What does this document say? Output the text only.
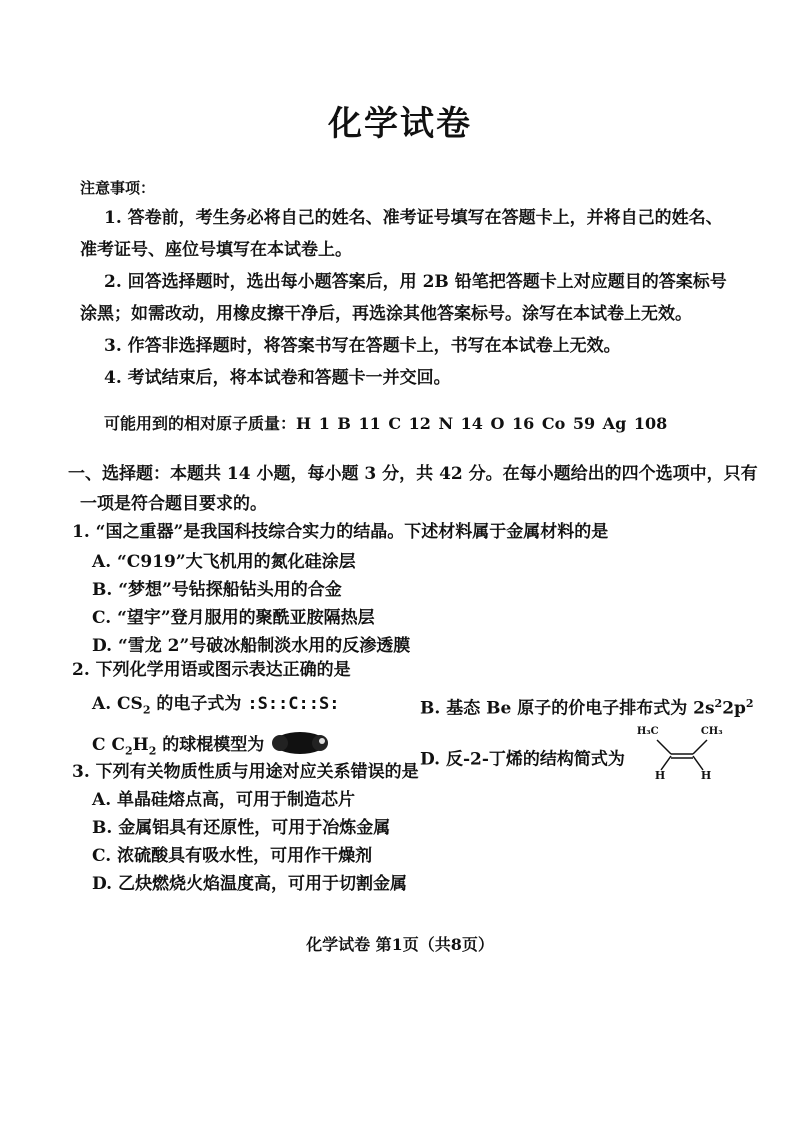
化学试卷
注意事项：
1. 答卷前，考生务必将自己的姓名、准考证号填写在答题卡上，并将自己的姓名、
准考证号、座位号填写在本试卷上。
2. 回答选择题时，选出每小题答案后，用 2B 铅笔把答题卡上对应题目的答案标号
涂黑；如需改动，用橡皮擦干净后，再选涂其他答案标号。涂写在本试卷上无效。
3. 作答非选择题时，将答案书写在答题卡上，书写在本试卷上无效。
4. 考试结束后，将本试卷和答题卡一并交回。
可能用到的相对原子质量：H 1 B 11 C 12 N 14 O 16 Co 59 Ag 108
一、选择题：本题共 14 小题，每小题 3 分，共 42 分。在每小题给出的四个选项中，只有
一项是符合题目要求的。
1. “国之重器”是我国科技综合实力的结晶。下述材料属于金属材料的是
A. “C919”大飞机用的氮化硅涂层
B. “梦想”号钻探船钻头用的合金
C. “望宇”登月服用的聚酰亚胺隔热层
D. “雪龙 2”号破冰船制淡水用的反渗透膜
2. 下列化学用语或图示表达正确的是
A. $CS_2$ 的电子式为 :S::C::S:	B. 基态 Be 原子的价电子排布式为 $2s^22p^2$
C $C_2H_2$ 的球棍模型为
D. 反-2-丁烯的结构简式为
H₃C	CH₃
H	H
3. 下列有关物质性质与用途对应关系错误的是
A. 单晶硅熔点高，可用于制造芯片
B. 金属铝具有还原性，可用于冶炼金属
C. 浓硫酸具有吸水性，可用作干燥剂
D. 乙炔燃烧火焰温度高，可用于切割金属
化学试卷 第1页（共8页）
